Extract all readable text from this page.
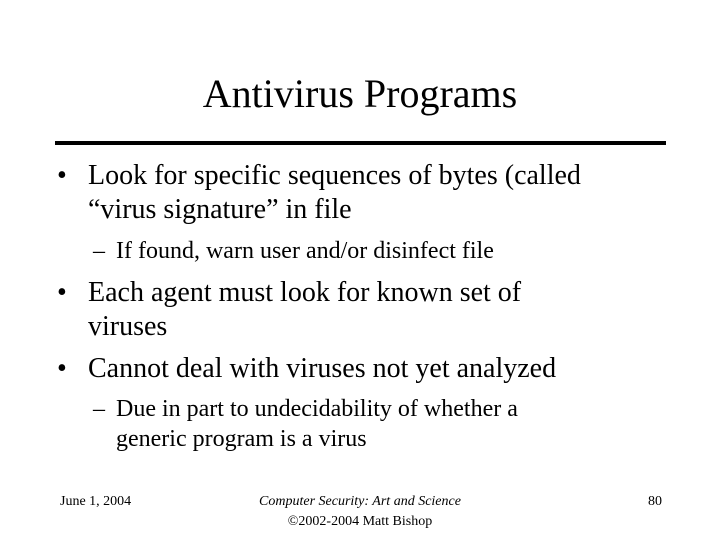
Antivirus Programs
• Look for specific sequences of bytes (called
“virus signature” in file
– If found, warn user and/or disinfect file
• Each agent must look for known set of
viruses
• Cannot deal with viruses not yet analyzed
– Due in part to undecidability of whether a
generic program is a virus
June 1, 2004	Computer Security: Art and Science
©2002-2004 Matt Bishop
80
